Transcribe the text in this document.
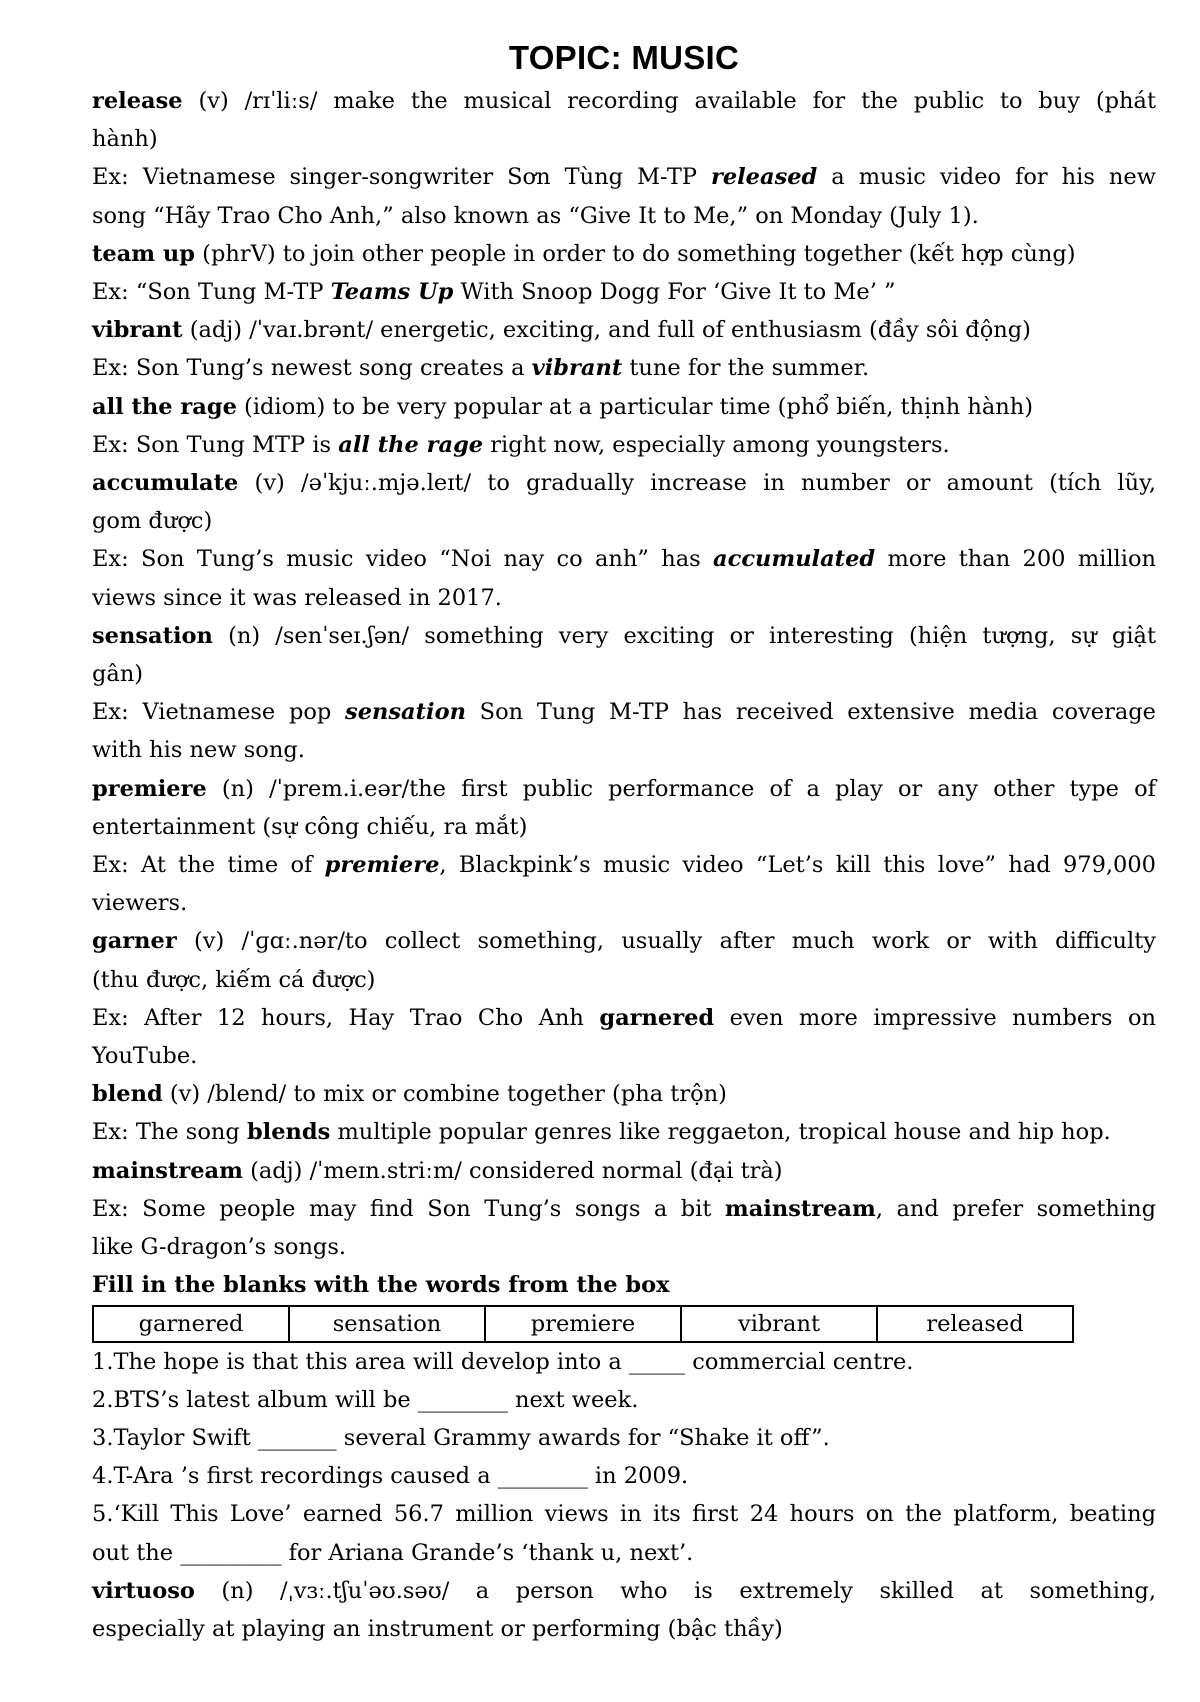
TOPIC: MUSIC
release (v) /rɪˈliːs/ make the musical recording available for the public to buy (phát
hành)
Ex: Vietnamese singer-songwriter Sơn Tùng M-TP released a music video for his new
song “Hãy Trao Cho Anh,” also known as “Give It to Me,” on Monday (July 1).
team up (phrV) to join other people in order to do something together (kết hợp cùng)
Ex: “Son Tung M-TP Teams Up With Snoop Dogg For ‘Give It to Me’ ”
vibrant (adj) /ˈvaɪ.brənt/ energetic, exciting, and full of enthusiasm (đầy sôi động)
Ex: Son Tung’s newest song creates a vibrant tune for the summer.
all the rage (idiom) to be very popular at a particular time (phổ biến, thịnh hành)
Ex: Son Tung MTP is all the rage right now, especially among youngsters.
accumulate (v) /əˈkjuː.mjə.leɪt/ to gradually increase in number or amount (tích lũy,
gom được)
Ex: Son Tung’s music video “Noi nay co anh” has accumulated more than 200 million
views since it was released in 2017.
sensation (n) /senˈseɪ.ʃən/ something very exciting or interesting (hiện tượng, sự giật
gân)
Ex: Vietnamese pop sensation Son Tung M-TP has received extensive media coverage
with his new song.
premiere (n) /ˈprem.i.eər/the first public performance of a play or any other type of
entertainment (sự công chiếu, ra mắt)
Ex: At the time of premiere, Blackpink’s music video “Let’s kill this love” had 979,000
viewers.
garner (v) /ˈɡɑː.nər/to collect something, usually after much work or with difficulty
(thu được, kiếm cá được)
Ex: After 12 hours, Hay Trao Cho Anh garnered even more impressive numbers on
YouTube.
blend (v) /blend/ to mix or combine together (pha trộn)
Ex: The song blends multiple popular genres like reggaeton, tropical house and hip hop.
mainstream (adj) /ˈmeɪn.striːm/ considered normal (đại trà)
Ex: Some people may find Son Tung’s songs a bit mainstream, and prefer something
like G-dragon’s songs.
Fill in the blanks with the words from the box
garnered	sensation	premiere	vibrant	released
1.The hope is that this area will develop into a _____ commercial centre.
2.BTS’s latest album will be ________ next week.
3.Taylor Swift _______ several Grammy awards for “Shake it off”.
4.T-Ara ’s first recordings caused a ________ in 2009.
5.‘Kill This Love’ earned 56.7 million views in its first 24 hours on the platform, beating
out the _________ for Ariana Grande’s ‘thank u, next’.
virtuoso (n) /ˌvɜː.tʃuˈəʊ.səʊ/ a person who is extremely skilled at something,
especially at playing an instrument or performing (bậc thầy)
